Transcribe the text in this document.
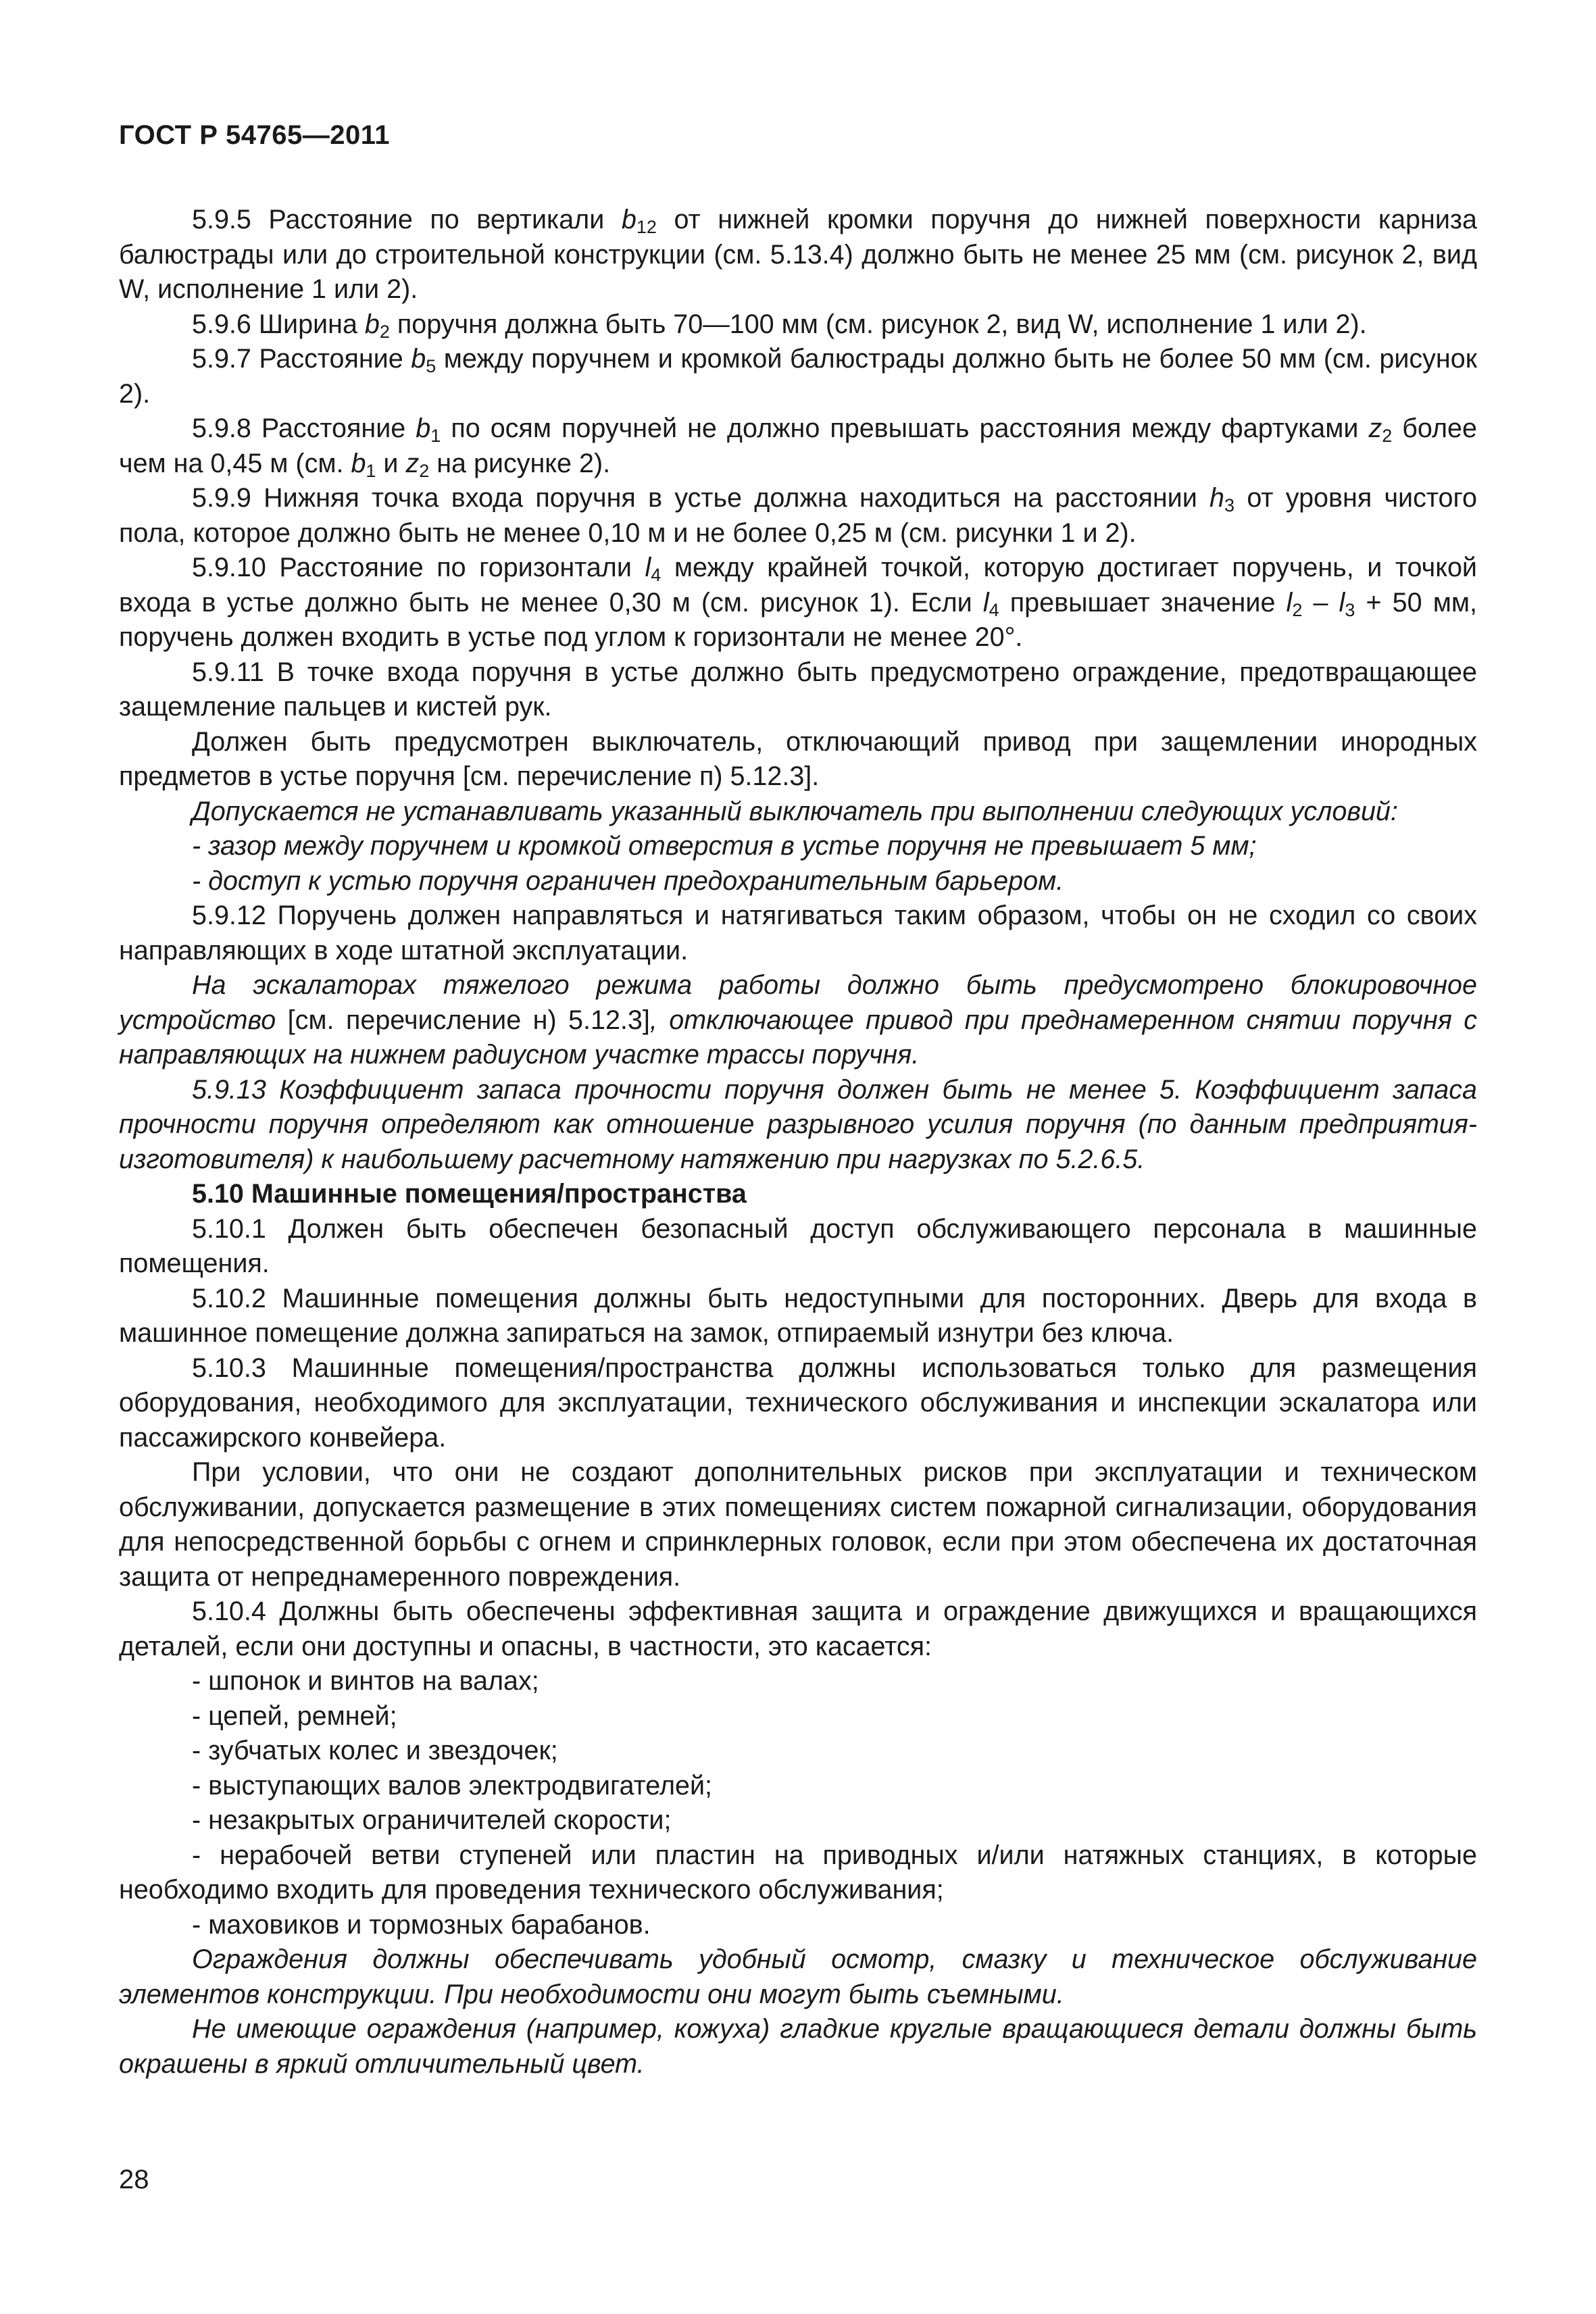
ГОСТ Р 54765—2011

5.9.5 Расстояние по вертикали $b_{12}$ от нижней кромки поручня до нижней поверхности карниза балюстрады или до строительной конструкции (см. 5.13.4) должно быть не менее 25 мм (см. рисунок 2, вид W, исполнение 1 или 2).

5.9.6 Ширина $b_2$ поручня должна быть 70—100 мм (см. рисунок 2, вид W, исполнение 1 или 2).

5.9.7 Расстояние $b_5$ между поручнем и кромкой балюстрады должно быть не более 50 мм (см. рисунок 2).

5.9.8 Расстояние $b_1$ по осям поручней не должно превышать расстояния между фартуками $z_2$ более чем на 0,45 м (см. $b_1$ и $z_2$ на рисунке 2).

5.9.9 Нижняя точка входа поручня в устье должна находиться на расстоянии $h_3$ от уровня чистого пола, которое должно быть не менее 0,10 м и не более 0,25 м (см. рисунки 1 и 2).

5.9.10 Расстояние по горизонтали $l_4$ между крайней точкой, которую достигает поручень, и точкой входа в устье должно быть не менее 0,30 м (см. рисунок 1). Если $l_4$ превышает значение $l_2 - l_3 + 50$ мм, поручень должен входить в устье под углом к горизонтали не менее 20°.

5.9.11 В точке входа поручня в устье должно быть предусмотрено ограждение, предотвращающее защемление пальцев и кистей рук.

Должен быть предусмотрен выключатель, отключающий привод при защемлении инородных предметов в устье поручня [см. перечисление п) 5.12.3].

Допускается не устанавливать указанный выключатель при выполнении следующих условий:

- зазор между поручнем и кромкой отверстия в устье поручня не превышает 5 мм;

- доступ к устью поручня ограничен предохранительным барьером.

5.9.12 Поручень должен направляться и натягиваться таким образом, чтобы он не сходил со своих направляющих в ходе штатной эксплуатации.

На эскалаторах тяжелого режима работы должно быть предусмотрено блокировочное устройство [см. перечисление н) 5.12.3], отключающее привод при преднамеренном снятии поручня с направляющих на нижнем радиусном участке трассы поручня.

5.9.13 Коэффициент запаса прочности поручня должен быть не менее 5. Коэффициент запаса прочности поручня определяют как отношение разрывного усилия поручня (по данным предприятия-изготовителя) к наибольшему расчетному натяжению при нагрузках по 5.2.6.5.

5.10 Машинные помещения/пространства

5.10.1 Должен быть обеспечен безопасный доступ обслуживающего персонала в машинные помещения.

5.10.2 Машинные помещения должны быть недоступными для посторонних. Дверь для входа в машинное помещение должна запираться на замок, отпираемый изнутри без ключа.

5.10.3 Машинные помещения/пространства должны использоваться только для размещения оборудования, необходимого для эксплуатации, технического обслуживания и инспекции эскалатора или пассажирского конвейера.

При условии, что они не создают дополнительных рисков при эксплуатации и техническом обслуживании, допускается размещение в этих помещениях систем пожарной сигнализации, оборудования для непосредственной борьбы с огнем и спринклерных головок, если при этом обеспечена их достаточная защита от непреднамеренного повреждения.

5.10.4 Должны быть обеспечены эффективная защита и ограждение движущихся и вращающихся деталей, если они доступны и опасны, в частности, это касается:

- шпонок и винтов на валах;

- цепей, ремней;

- зубчатых колес и звездочек;

- выступающих валов электродвигателей;

- незакрытых ограничителей скорости;

- нерабочей ветви ступеней или пластин на приводных и/или натяжных станциях, в которые необходимо входить для проведения технического обслуживания;

- маховиков и тормозных барабанов.

Ограждения должны обеспечивать удобный осмотр, смазку и техническое обслуживание элементов конструкции. При необходимости они могут быть съемными.

Не имеющие ограждения (например, кожуха) гладкие круглые вращающиеся детали должны быть окрашены в яркий отличительный цвет.

28
